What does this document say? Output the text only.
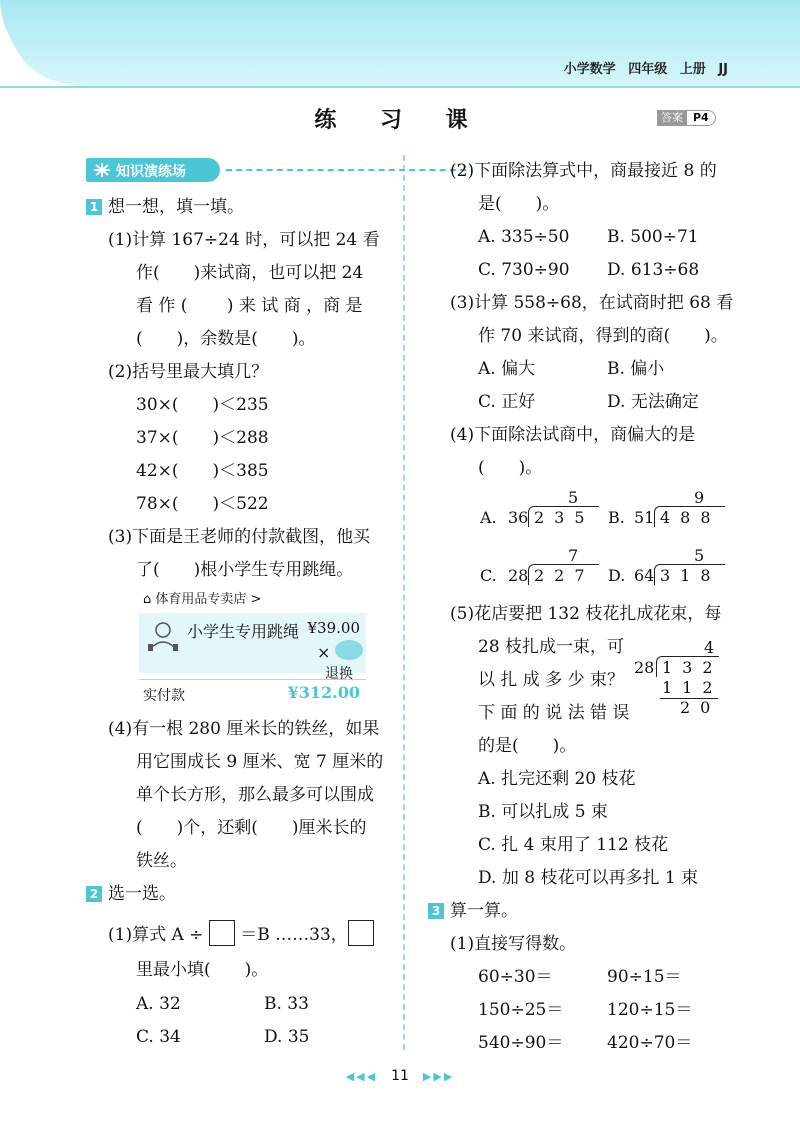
小学数学 四年级 上册 JJ
练 习 课	答案 P4
知识演练场
1 想一想，填一填。
(1)计算 167÷24 时，可以把 24 看
作(　　)来试商，也可以把 24
看 作 (　　 ) 来 试 商 ，商 是
(　　)，余数是(　　)。
(2)括号里最大填几？
30×(　　)＜235
37×(　　)＜288
42×(　　)＜385
78×(　　)＜522
(3)下面是王老师的付款截图，他买
了(　　)根小学生专用跳绳。
⌂ 体育用品专卖店 >
小学生专用跳绳 ¥39.00
×
退换
实付款	¥312.00
(4)有一根 280 厘米长的铁丝，如果
用它围成长 9 厘米、宽 7 厘米的
单个长方形，那么最多可以围成
(　　)个，还剩(　　)厘米长的
铁丝。
2 选一选。
(1)算式 A ÷ ＝B ……33，
里最小填(　　)。
A. 32	B. 33
C. 34	D. 35
(2)下面除法算式中，商最接近 8 的
是(　　)。
A. 335÷50 B. 500÷71
C. 730÷90 D. 613÷68
(3)计算 558÷68，在试商时把 68 看
作 70 来试商，得到的商(　　)。
A. 偏大	B. 偏小
C. 正好	D. 无法确定
(4)下面除法试商中，商偏大的是
(　　)。
A. 36 235
5
B. 51 488
9
C. 28 227
7
D. 64 318
5
(5)花店要把 132 枝花扎成花束，每
28 枝扎成一束，可
以 扎 成 多 少 束？
下 面 的 说 法 错 误
的是(　　)。
4
28 132
112
20
A. 扎完还剩 20 枝花
B. 可以扎成 5 束
C. 扎 4 束用了 112 枝花
D. 加 8 枝花可以再多扎 1 束
3 算一算。
(1)直接写得数。
60÷30＝	90÷15＝
150÷25＝	120÷15＝
540÷90＝	420÷70＝
◀◀◀ 11 ▶▶▶
